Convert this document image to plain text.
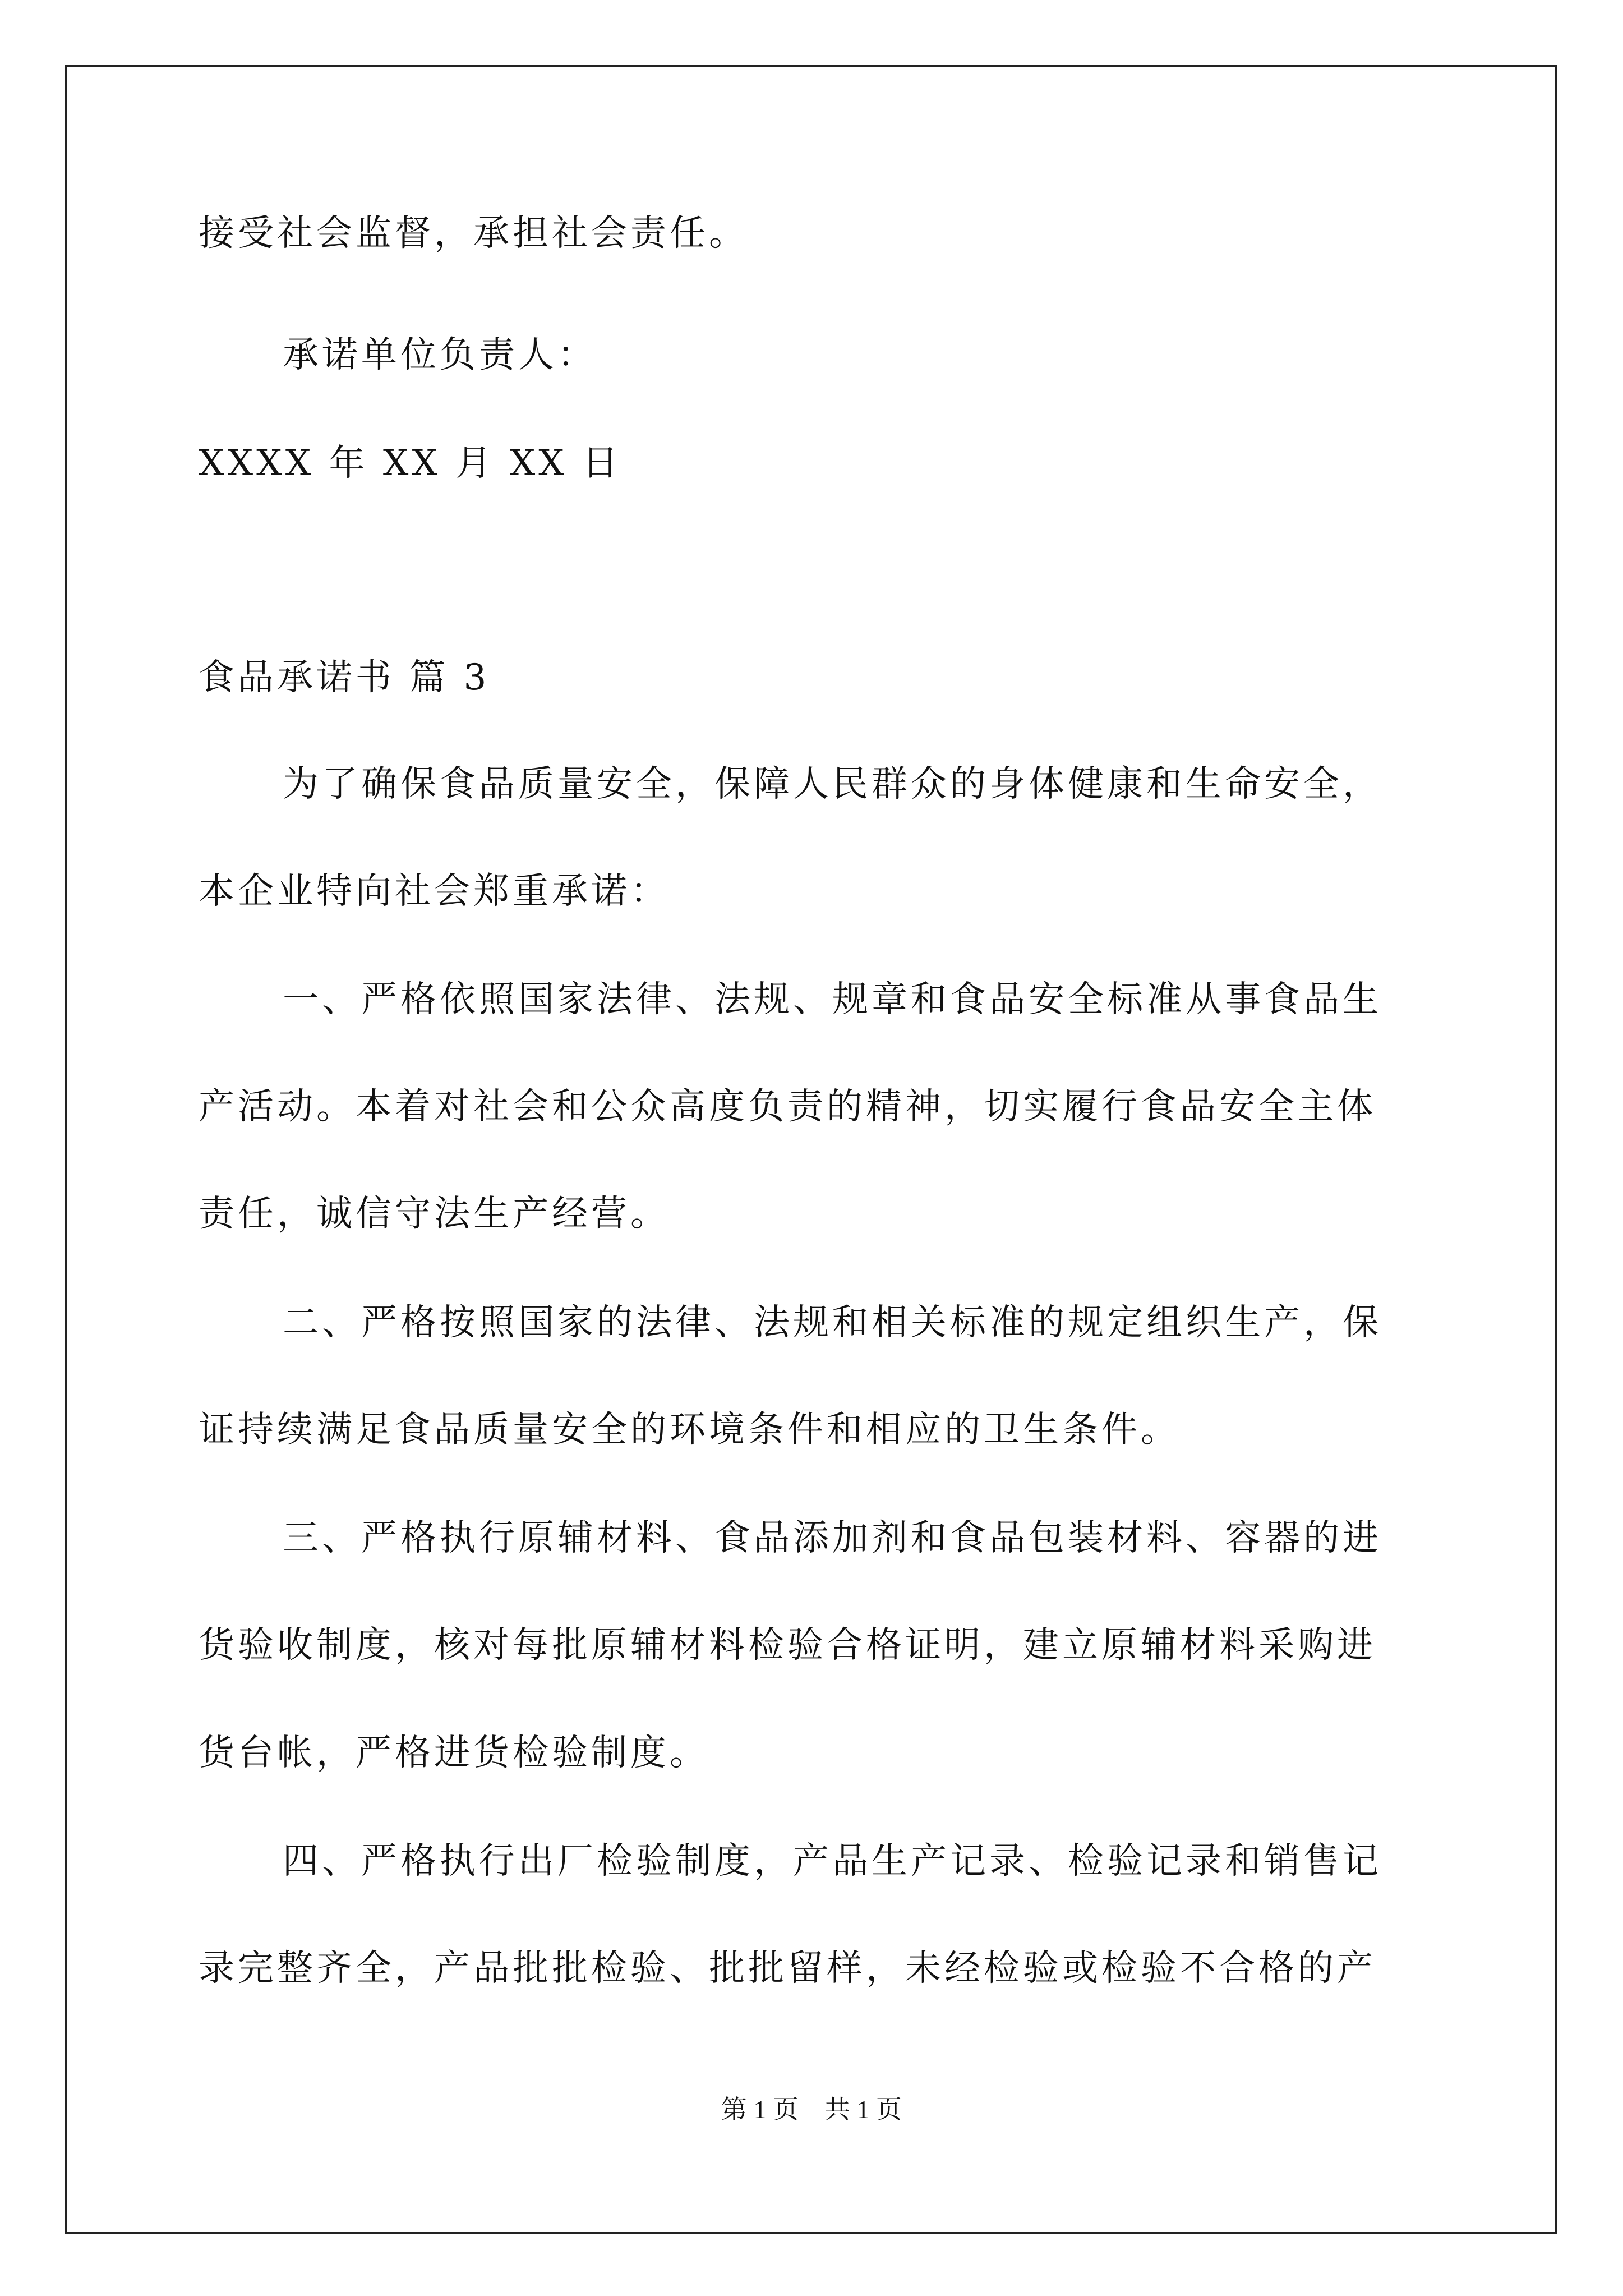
接受社会监督，承担社会责任。
承诺单位负责人：
XXXX 年 XX 月 XX 日
食品承诺书 篇 3
为了确保食品质量安全，保障人民群众的身体健康和生命安全，
本企业特向社会郑重承诺：
一、严格依照国家法律、法规、规章和食品安全标准从事食品生
产活动。本着对社会和公众高度负责的精神，切实履行食品安全主体
责任，诚信守法生产经营。
二、严格按照国家的法律、法规和相关标准的规定组织生产，保
证持续满足食品质量安全的环境条件和相应的卫生条件。
三、严格执行原辅材料、食品添加剂和食品包装材料、容器的进
货验收制度，核对每批原辅材料检验合格证明，建立原辅材料采购进
货台帐，严格进货检验制度。
四、严格执行出厂检验制度，产品生产记录、检验记录和销售记
录完整齐全，产品批批检验、批批留样，未经检验或检验不合格的产
第 1 页　共 1 页
